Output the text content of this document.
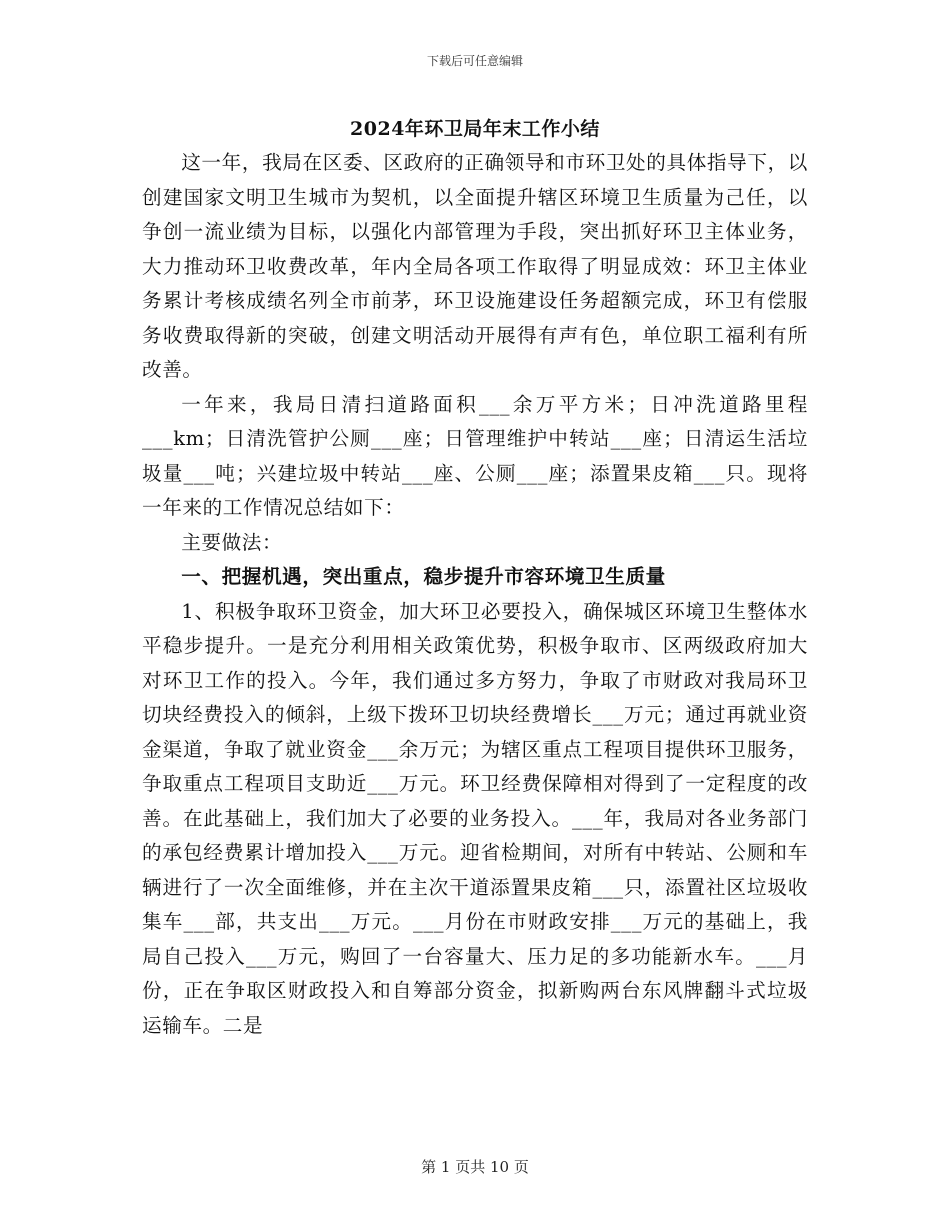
下载后可任意编辑
2024年环卫局年末工作小结

这一年，我局在区委、区政府的正确领导和市环卫处的具体指导下，以创建国家文明卫生城市为契机，以全面提升辖区环境卫生质量为己任，以争创一流业绩为目标，以强化内部管理为手段，突出抓好环卫主体业务，大力推动环卫收费改革，年内全局各项工作取得了明显成效：环卫主体业务累计考核成绩名列全市前茅，环卫设施建设任务超额完成，环卫有偿服务收费取得新的突破，创建文明活动开展得有声有色，单位职工福利有所改善。

一年来，我局日清扫道路面积___余万平方米；日冲洗道路里程___km；日清洗管护公厕___座；日管理维护中转站___座；日清运生活垃圾量___吨；兴建垃圾中转站___座、公厕___座；添置果皮箱___只。现将一年来的工作情况总结如下：

主要做法：

一、把握机遇，突出重点，稳步提升市容环境卫生质量

1、积极争取环卫资金，加大环卫必要投入，确保城区环境卫生整体水平稳步提升。一是充分利用相关政策优势，积极争取市、区两级政府加大对环卫工作的投入。今年，我们通过多方努力，争取了市财政对我局环卫切块经费投入的倾斜，上级下拨环卫切块经费增长___万元；通过再就业资金渠道，争取了就业资金___余万元；为辖区重点工程项目提供环卫服务，争取重点工程项目支助近___万元。环卫经费保障相对得到了一定程度的改善。在此基础上，我们加大了必要的业务投入。___年，我局对各业务部门的承包经费累计增加投入___万元。迎省检期间，对所有中转站、公厕和车辆进行了一次全面维修，并在主次干道添置果皮箱___只，添置社区垃圾收集车___部，共支出___万元。___月份在市财政安排___万元的基础上，我局自己投入___万元，购回了一台容量大、压力足的多功能新水车。___月份，正在争取区财政投入和自筹部分资金，拟新购两台东风牌翻斗式垃圾运输车。二是

第 1 页共 10 页
